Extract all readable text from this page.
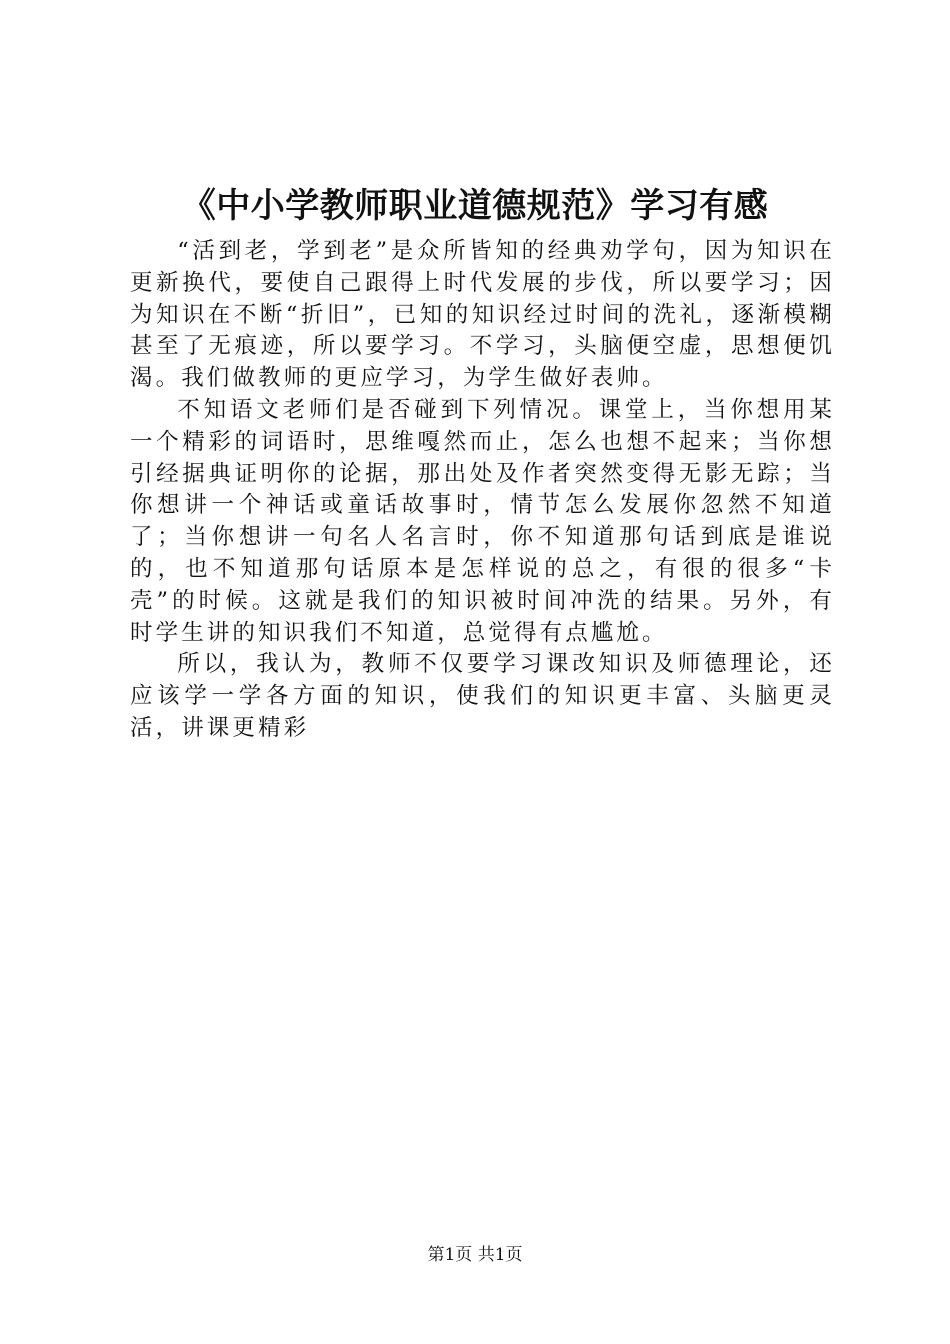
《中小学教师职业道德规范》学习有感

“活到老，学到老”是众所皆知的经典劝学句，因为知识在更新换代，要使自己跟得上时代发展的步伐，所以要学习；因为知识在不断“折旧”，已知的知识经过时间的洗礼，逐渐模糊甚至了无痕迹，所以要学习。不学习，头脑便空虚，思想便饥渴。我们做教师的更应学习，为学生做好表帅。

不知语文老师们是否碰到下列情况。课堂上，当你想用某一个精彩的词语时，思维嘎然而止，怎么也想不起来；当你想引经据典证明你的论据，那出处及作者突然变得无影无踪；当你想讲一个神话或童话故事时，情节怎么发展你忽然不知道了；当你想讲一句名人名言时，你不知道那句话到底是谁说的，也不知道那句话原本是怎样说的总之，有很的很多“卡壳”的时候。这就是我们的知识被时间冲洗的结果。另外，有时学生讲的知识我们不知道，总觉得有点尴尬。

所以，我认为，教师不仅要学习课改知识及师德理论，还应该学一学各方面的知识，使我们的知识更丰富、头脑更灵活，讲课更精彩

第1页 共1页
